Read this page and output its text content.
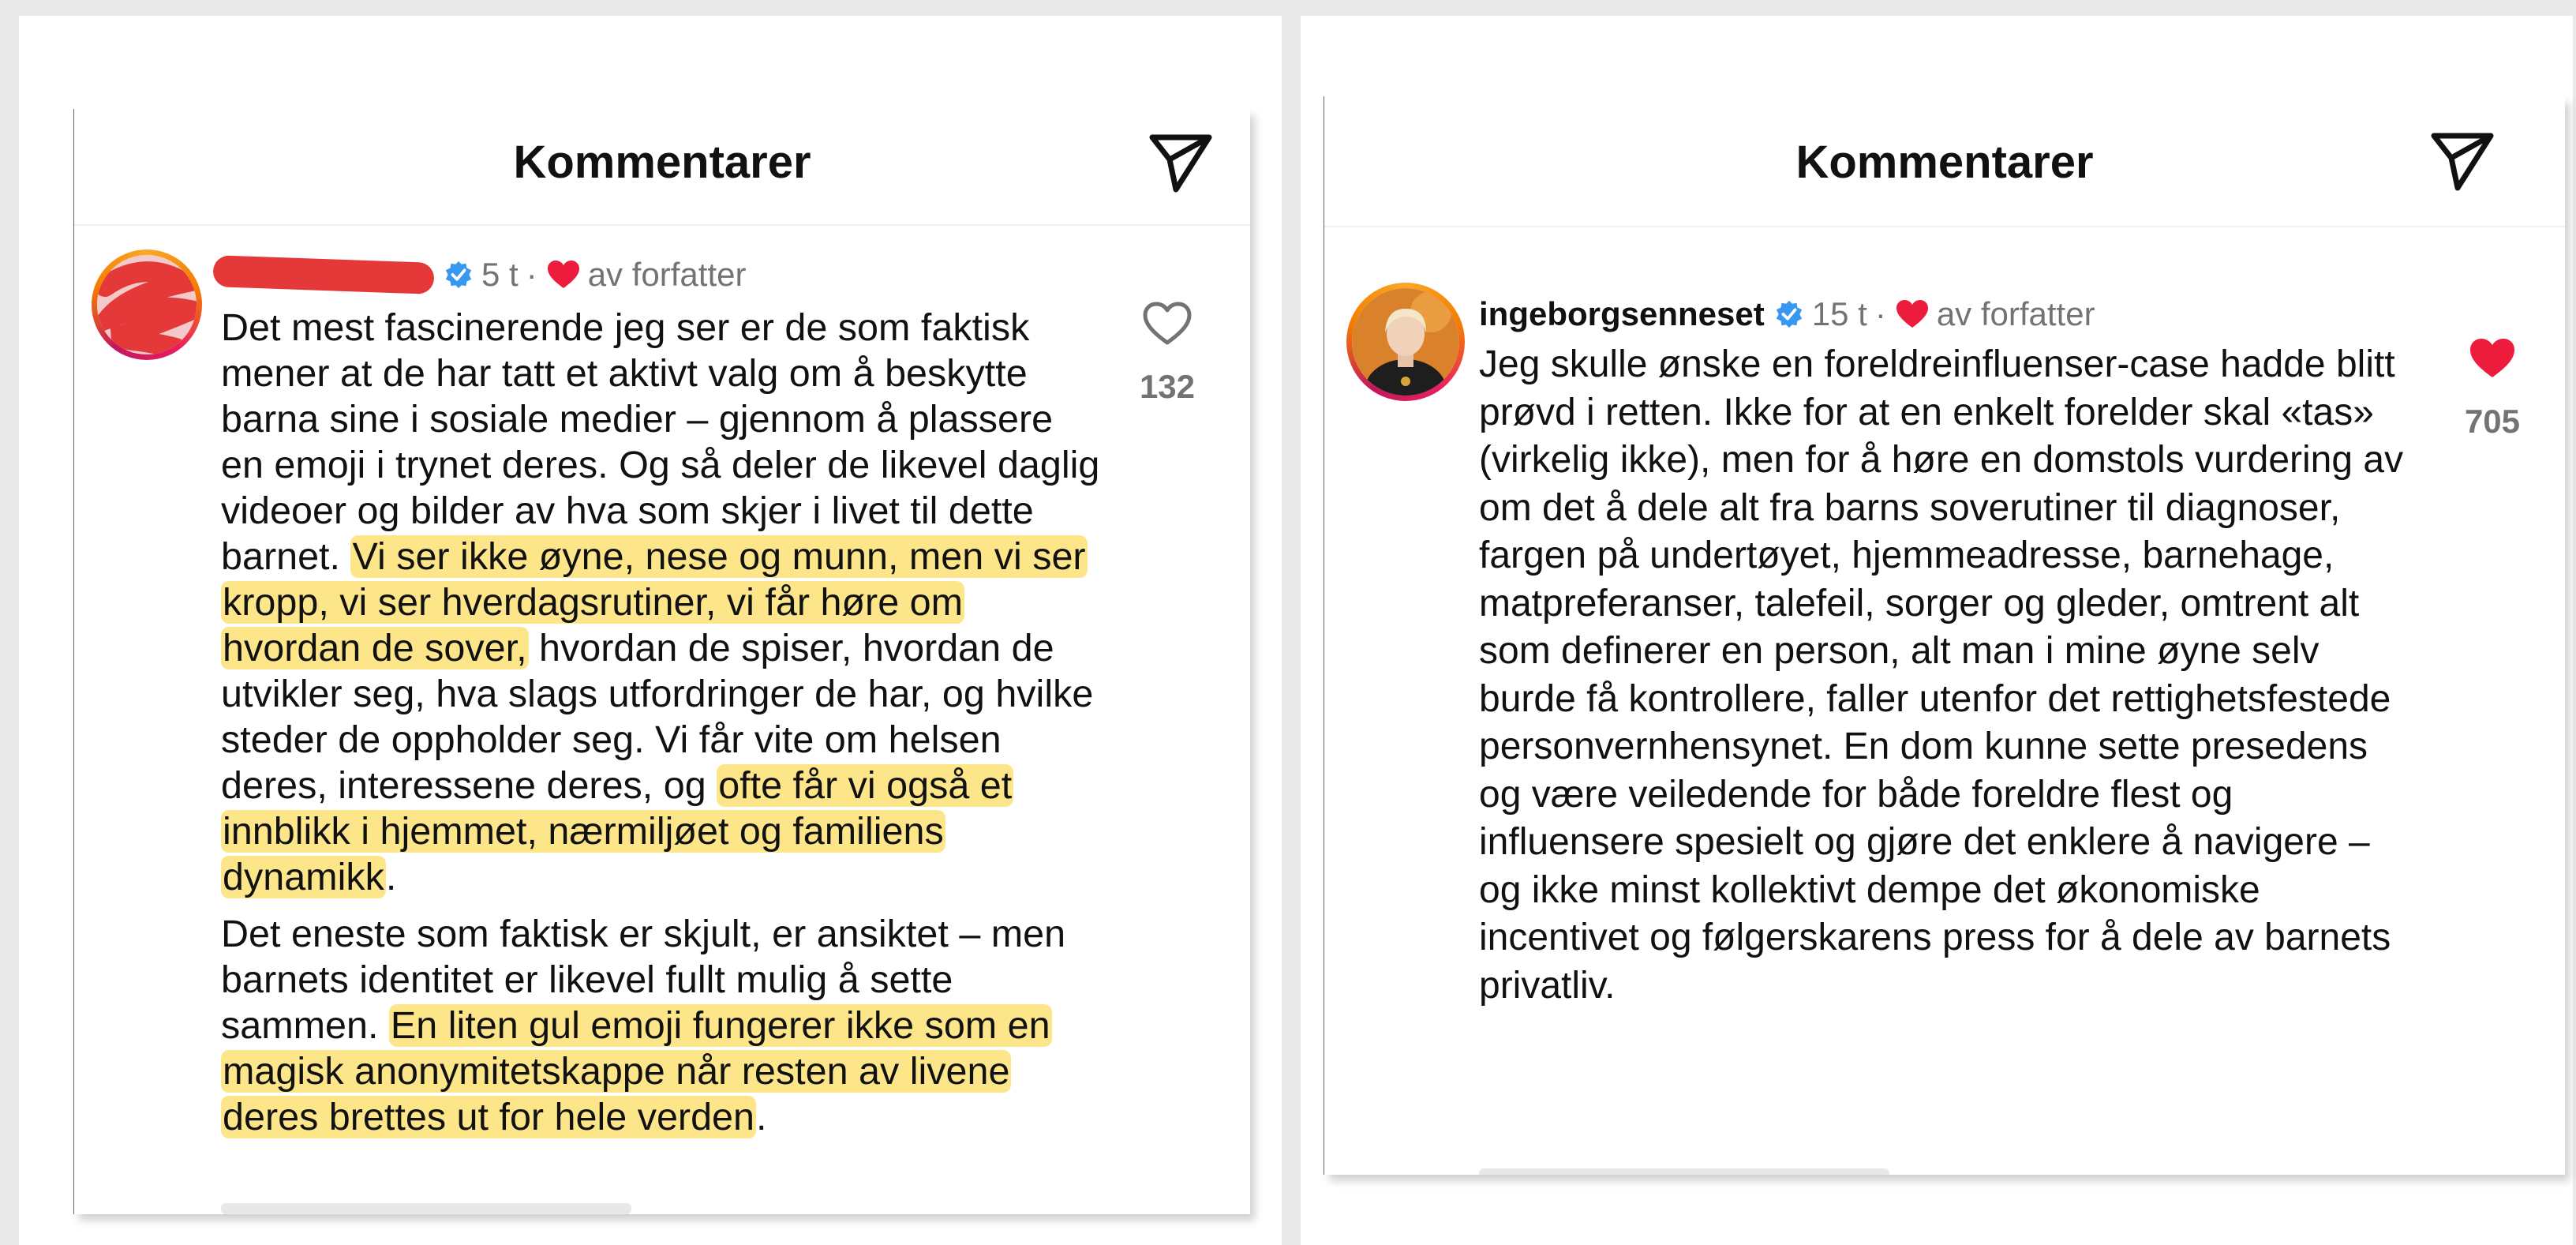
Kommentarer
5 t · av forfatter

Det mest fascinerende jeg ser er de som faktisk mener at de har tatt et aktivt valg om å beskytte barna sine i sosiale medier – gjennom å plassere en emoji i trynet deres. Og så deler de likevel daglig videoer og bilder av hva som skjer i livet til dette barnet. Vi ser ikke øyne, nese og munn, men vi ser kropp, vi ser hverdagsrutiner, vi får høre om hvordan de sover, hvordan de spiser, hvordan de utvikler seg, hva slags utfordringer de har, og hvilke steder de oppholder seg. Vi får vite om helsen deres, interessene deres, og ofte får vi også et innblikk i hjemmet, nærmiljøet og familiens dynamikk.

Det eneste som faktisk er skjult, er ansiktet – men barnets identitet er likevel fullt mulig å sette sammen. En liten gul emoji fungerer ikke som en magisk anonymitetskappe når resten av livene deres brettes ut for hele verden.

132
Kommentarer
ingeborgsenneset 15 t · av forfatter
Jeg skulle ønske en foreldreinfluenser-case hadde blitt prøvd i retten. Ikke for at en enkelt forelder skal «tas» (virkelig ikke), men for å høre en domstols vurdering av om det å dele alt fra barns soverutiner til diagnoser, fargen på undertøyet, hjemmeadresse, barnehage, matpreferanser, talefeil, sorger og gleder, omtrent alt som definerer en person, alt man i mine øyne selv burde få kontrollere, faller utenfor det rettighetsfestede personvernhensynet. En dom kunne sette presedens og være veiledende for både foreldre flest og influensere spesielt og gjøre det enklere å navigere – og ikke minst kollektivt dempe det økonomiske incentivet og følgerskarens press for å dele av barnets privatliv.
705
